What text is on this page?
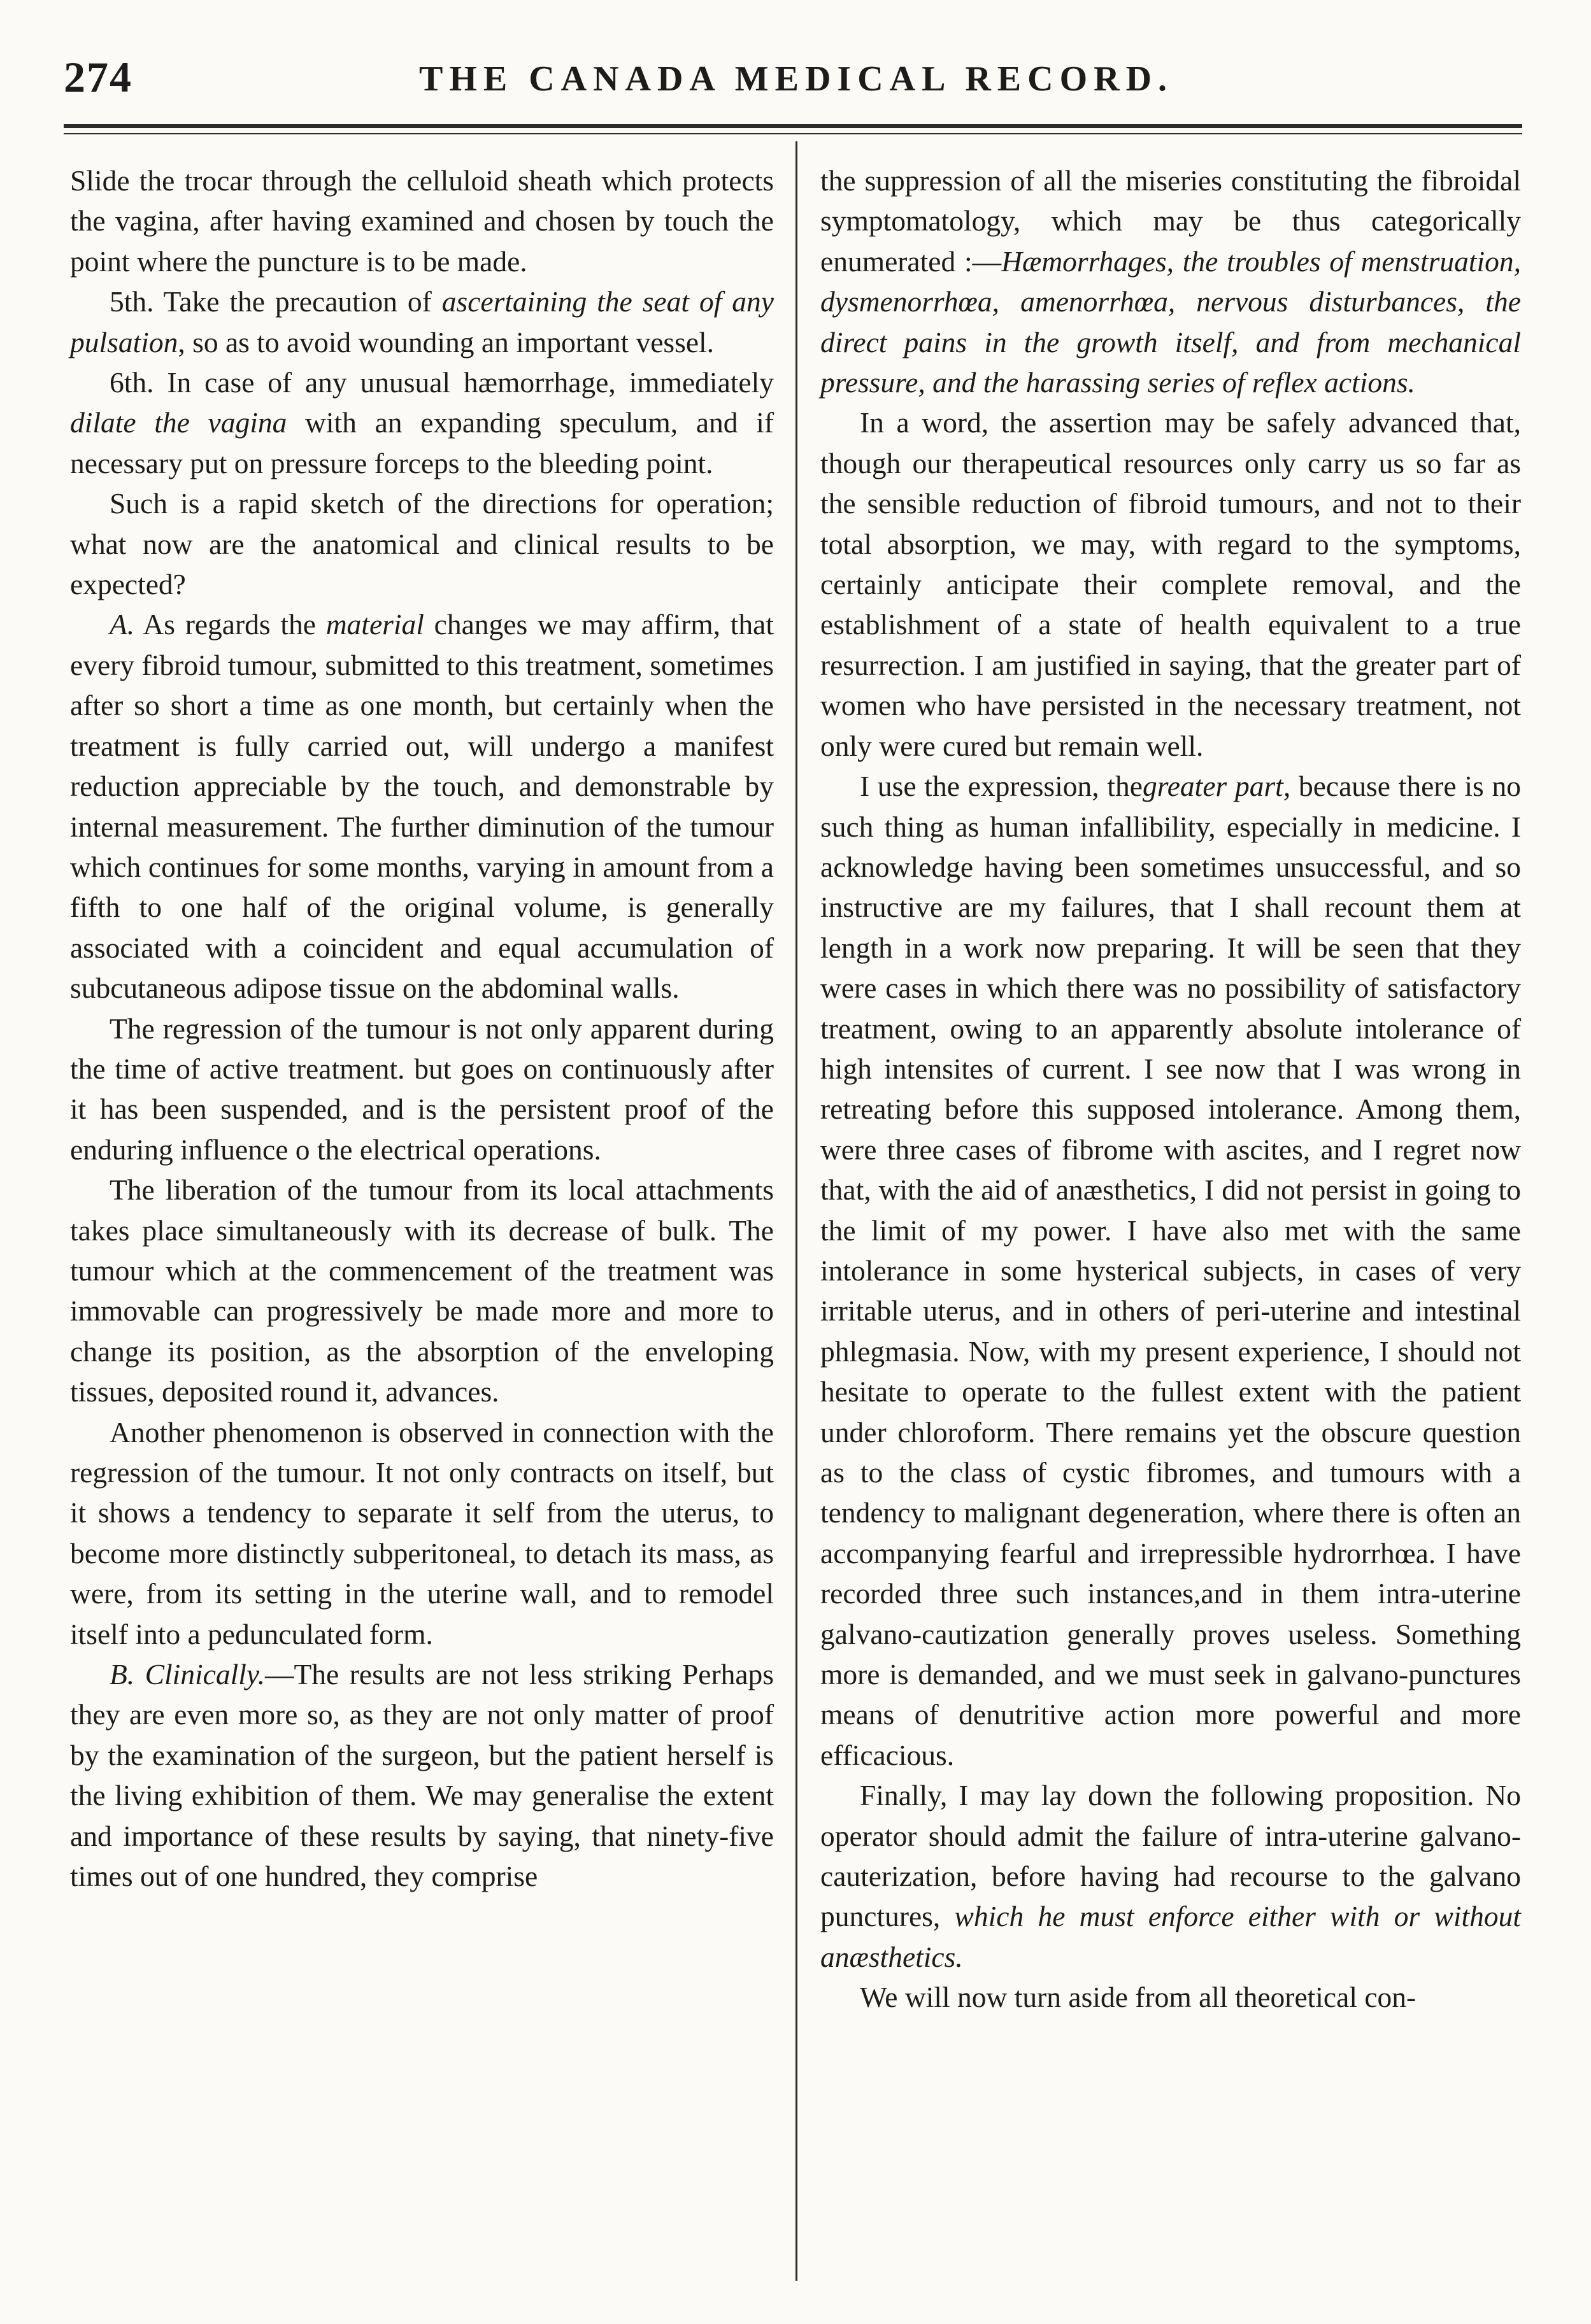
274	THE CANADA MEDICAL RECORD.

Slide the trocar through the celluloid sheath which protects the vagina, after having examined and chosen by touch the point where the puncture is to be made.

5th. Take the precaution of ascertaining the seat of any pulsation, so as to avoid wounding an important vessel.

6th. In case of any unusual hæmorrhage, immediately dilate the vagina with an expanding speculum, and if necessary put on pressure forceps to the bleeding point.

Such is a rapid sketch of the directions for operation; what now are the anatomical and clinical results to be expected?

A. As regards the material changes we may affirm, that every fibroid tumour, submitted to this treatment, sometimes after so short a time as one month, but certainly when the treatment is fully carried out, will undergo a manifest reduction appreciable by the touch, and demonstrable by internal measurement. The further diminution of the tumour which continues for some months, varying in amount from a fifth to one half of the original volume, is generally associated with a coincident and equal accumulation of subcutaneous adipose tissue on the abdominal walls.

The regression of the tumour is not only apparent during the time of active treatment. but goes on continuously after it has been suspended, and is the persistent proof of the enduring influence o the electrical operations.

The liberation of the tumour from its local attachments takes place simultaneously with its decrease of bulk. The tumour which at the commencement of the treatment was immovable can progressively be made more and more to change its position, as the absorption of the enveloping tissues, deposited round it, advances.

Another phenomenon is observed in connection with the regression of the tumour. It not only contracts on itself, but it shows a tendency to separate it self from the uterus, to become more distinctly subperitoneal, to detach its mass, as were, from its setting in the uterine wall, and to remodel itself into a pedunculated form.

B. Clinically.—The results are not less striking Perhaps they are even more so, as they are not only matter of proof by the examination of the surgeon, but the patient herself is the living exhibition of them. We may generalise the extent and importance of these results by saying, that ninety-five times out of one hundred, they comprise

the suppression of all the miseries constituting the fibroidal symptomatology, which may be thus categorically enumerated :—Hæmorrhages, the troubles of menstruation, dysmenorrhœa, amenorrhœa, nervous disturbances, the direct pains in the growth itself, and from mechanical pressure, and the harassing series of reflex actions.

In a word, the assertion may be safely advanced that, though our therapeutical resources only carry us so far as the sensible reduction of fibroid tumours, and not to their total absorption, we may, with regard to the symptoms, certainly anticipate their complete removal, and the establishment of a state of health equivalent to a true resurrection. I am justified in saying, that the greater part of women who have persisted in the necessary treatment, not only were cured but remain well.

I use the expression, thegreater part, because there is no such thing as human infallibility, especially in medicine. I acknowledge having been sometimes unsuccessful, and so instructive are my failures, that I shall recount them at length in a work now preparing. It will be seen that they were cases in which there was no possibility of satisfactory treatment, owing to an apparently absolute intolerance of high intensites of current. I see now that I was wrong in retreating before this supposed intolerance. Among them, were three cases of fibrome with ascites, and I regret now that, with the aid of anæsthetics, I did not persist in going to the limit of my power. I have also met with the same intolerance in some hysterical subjects, in cases of very irritable uterus, and in others of peri-uterine and intestinal phlegmasia. Now, with my present experience, I should not hesitate to operate to the fullest extent with the patient under chloroform. There remains yet the obscure question as to the class of cystic fibromes, and tumours with a tendency to malignant degeneration, where there is often an accompanying fearful and irrepressible hydrorrhœa. I have recorded three such instances,and in them intra-uterine galvano-cautization generally proves useless. Something more is demanded, and we must seek in galvano-punctures means of denutritive action more powerful and more efficacious.

Finally, I may lay down the following proposition. No operator should admit the failure of intra-uterine galvano-cauterization, before having had recourse to the galvano punctures, which he must enforce either with or without anæsthetics.

We will now turn aside from all theoretical con-
